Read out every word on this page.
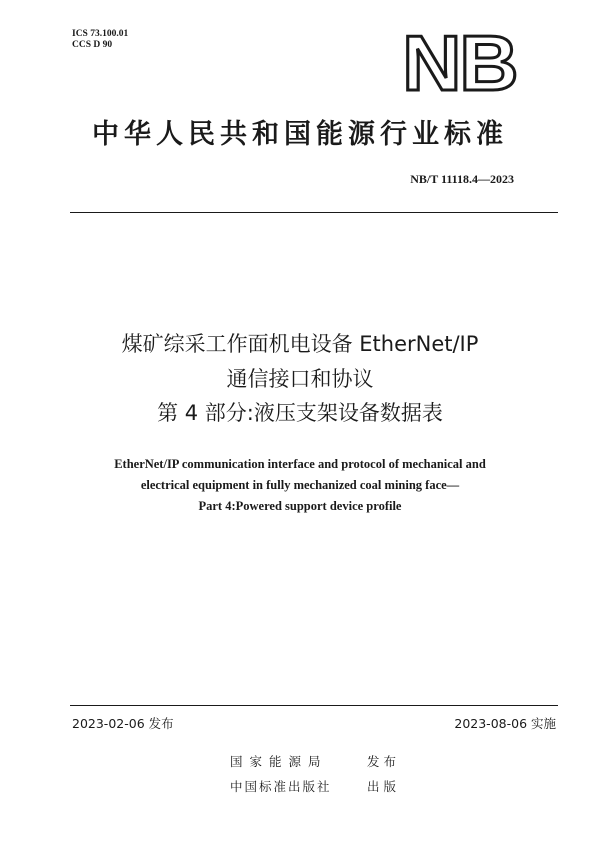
ICS 73.100.01
CCS D 90	NB
中华人民共和国能源行业标准
NB/T 11118.4—2023
煤矿综采工作面机电设备 EtherNet/IP
通信接口和协议
第 4 部分:液压支架设备数据表
EtherNet/IP communication interface and protocol of mechanical and
electrical equipment in fully mechanized coal mining face—
Part 4:Powered support device profile
2023-02-06 发布	2023-08-06 实施
国家能源局	发布
中国标准出版社	出版
